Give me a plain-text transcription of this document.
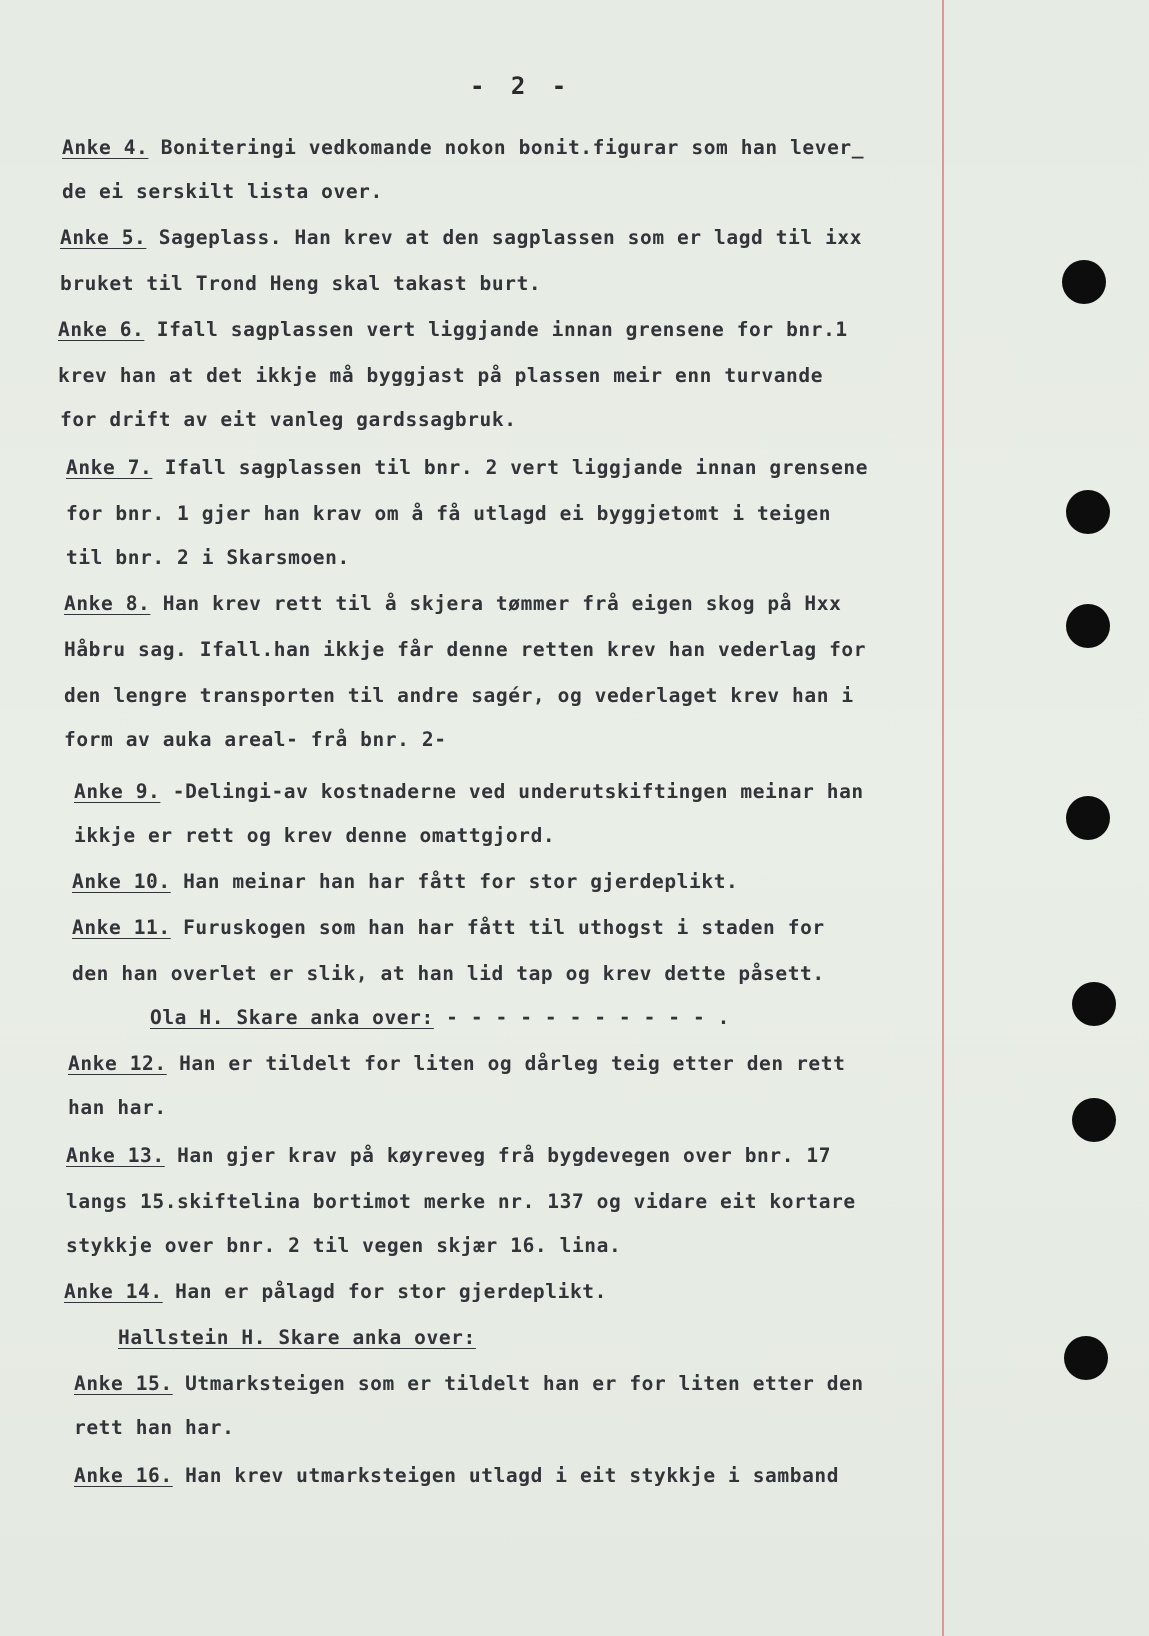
- 2 -
Anke 4. Boniteringi vedkomande nokon bonit.figurar som han lever_
de ei serskilt lista over.
Anke 5. Sageplass. Han krev at den sagplassen som er lagd til ixx
bruket til Trond Heng skal takast burt.
Anke 6. Ifall sagplassen vert liggjande innan grensene for bnr.1
krev han at det ikkje må byggjast på plassen meir enn turvande
for drift av eit vanleg gardssagbruk.
Anke 7. Ifall sagplassen til bnr. 2 vert liggjande innan grensene
for bnr. 1 gjer han krav om å få utlagd ei byggjetomt i teigen
til bnr. 2 i Skarsmoen.
Anke 8. Han krev rett til å skjera tømmer frå eigen skog på Hxx
Håbru sag. Ifall.han ikkje får denne retten krev han vederlag for
den lengre transporten til andre sagér, og vederlaget krev han i
form av auka areal- frå bnr. 2-
Anke 9. -Delingi-av kostnaderne ved underutskiftingen meinar han
ikkje er rett og krev denne omattgjord.
Anke 10. Han meinar han har fått for stor gjerdeplikt.
Anke 11. Furuskogen som han har fått til uthogst i staden for
den han overlet er slik, at han lid tap og krev dette påsett.
Ola H. Skare anka over: - - - - - - - - - - - .
Anke 12. Han er tildelt for liten og dårleg teig etter den rett
han har.
Anke 13. Han gjer krav på køyreveg frå bygdevegen over bnr. 17
langs 15.skiftelina bortimot merke nr. 137 og vidare eit kortare
stykkje over bnr. 2 til vegen skjær 16. lina.
Anke 14. Han er pålagd for stor gjerdeplikt.
Hallstein H. Skare anka over:
Anke 15. Utmarksteigen som er tildelt han er for liten etter den
rett han har.
Anke 16. Han krev utmarksteigen utlagd i eit stykkje i samband
